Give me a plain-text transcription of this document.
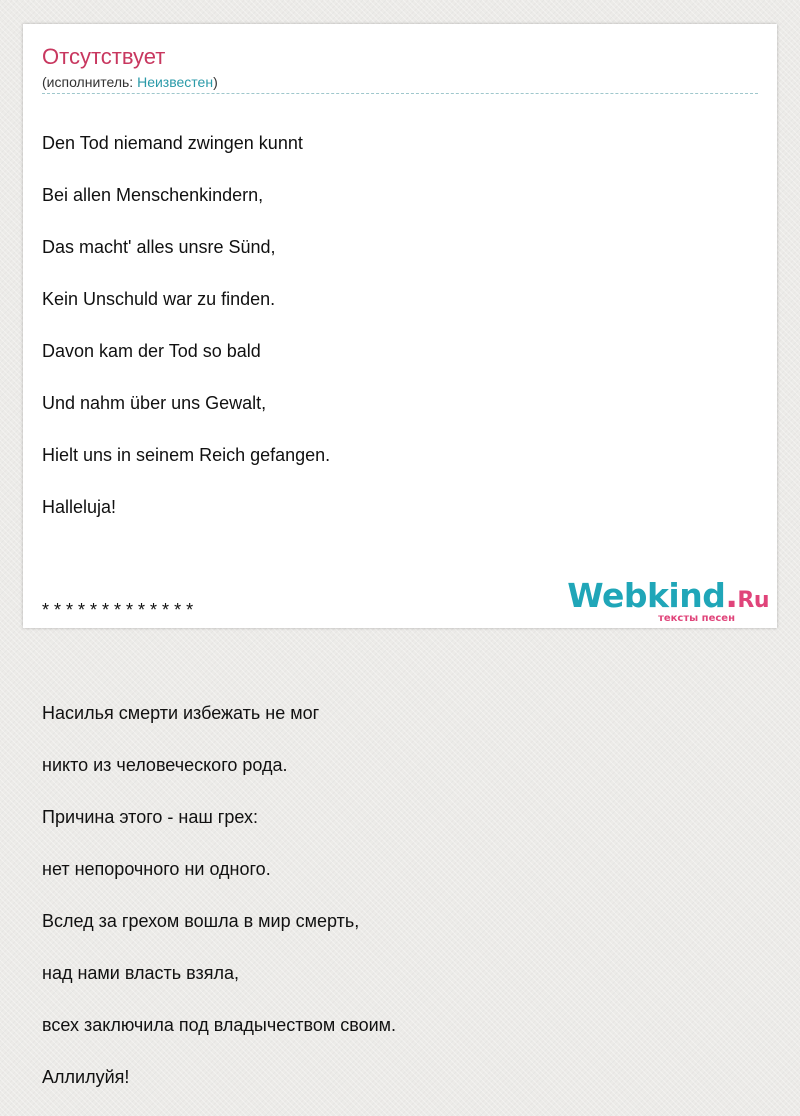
Отсутствует
(исполнитель: Неизвестен)

Den Tod niemand zwingen kunnt

Bei allen Menschenkindern,

Das macht' alles unsre Sünd,

Kein Unschuld war zu finden.

Davon kam der Tod so bald

Und nahm über uns Gewalt,

Hielt uns in seinem Reich gefangen.

Halleluja!

* * * * * * * * * * * * *

Насилья смерти избежать не мог

никто из человеческого рода.

Причина этого - наш грех:

нет непорочного ни одного.

Вслед за грехом вошла в мир смерть,

над нами власть взяла,

всех заключила под владычеством своим.

Аллилуйя!

Webkind.Ru
тексты песен
